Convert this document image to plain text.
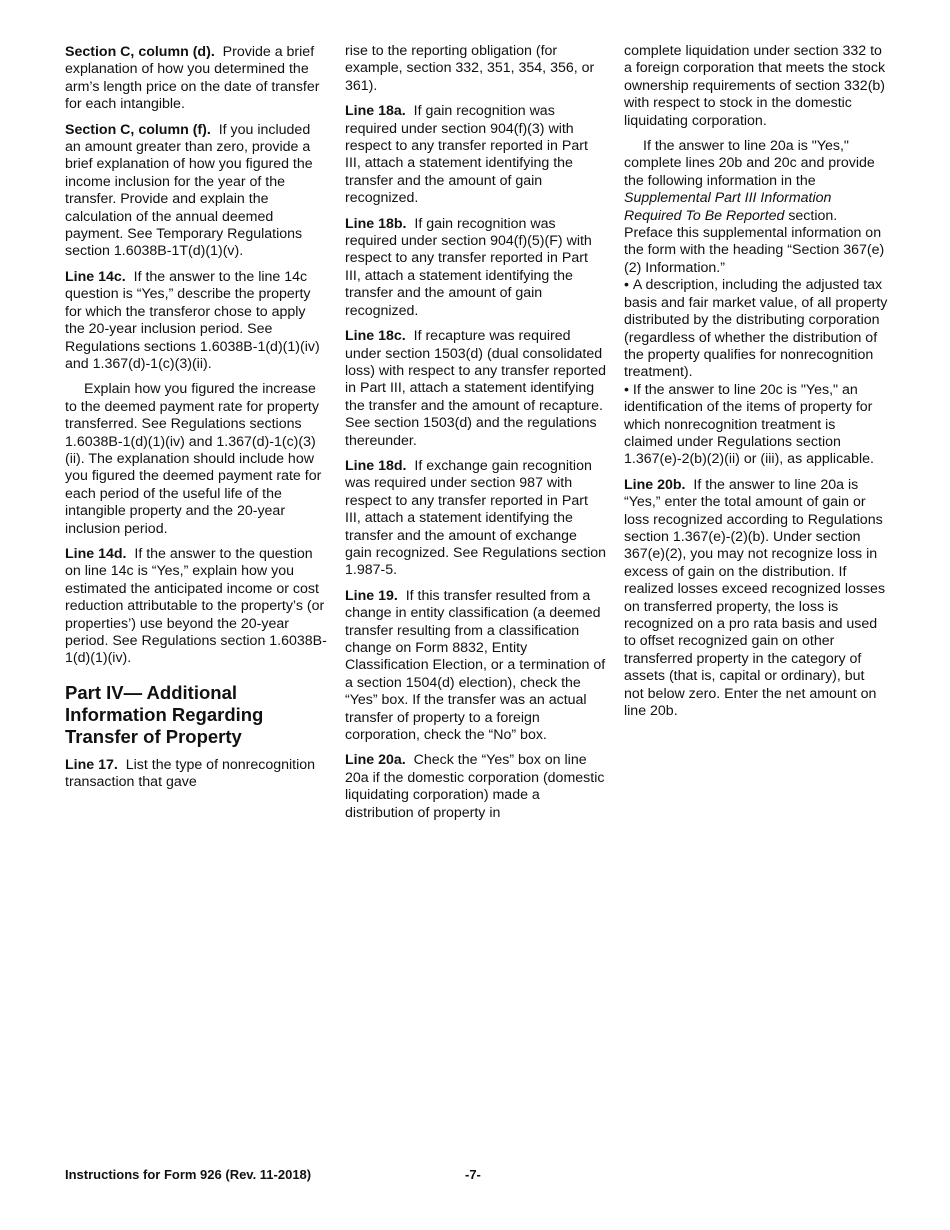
Section C, column (d). Provide a brief explanation of how you determined the arm’s length price on the date of transfer for each intangible.

Section C, column (f). If you included an amount greater than zero, provide a brief explanation of how you figured the income inclusion for the year of the transfer. Provide and explain the calculation of the annual deemed payment. See Temporary Regulations section 1.6038B-1T(d)(1)(v).

Line 14c. If the answer to the line 14c question is “Yes,” describe the property for which the transferor chose to apply the 20-year inclusion period. See Regulations sections 1.6038B-1(d)(1)(iv) and 1.367(d)-1(c)(3)(ii).

Explain how you figured the increase to the deemed payment rate for property transferred. See Regulations sections 1.6038B-1(d)(1)(iv) and 1.367(d)-1(c)(3)(ii). The explanation should include how you figured the deemed payment rate for each period of the useful life of the intangible property and the 20-year inclusion period.

Line 14d. If the answer to the question on line 14c is “Yes,” explain how you estimated the anticipated income or cost reduction attributable to the property’s (or properties’) use beyond the 20-year period. See Regulations section 1.6038B-1(d)(1)(iv).

Part IV— Additional Information Regarding Transfer of Property

Line 17. List the type of nonrecognition transaction that gave

rise to the reporting obligation (for example, section 332, 351, 354, 356, or 361).

Line 18a. If gain recognition was required under section 904(f)(3) with respect to any transfer reported in Part III, attach a statement identifying the transfer and the amount of gain recognized.

Line 18b. If gain recognition was required under section 904(f)(5)(F) with respect to any transfer reported in Part III, attach a statement identifying the transfer and the amount of gain recognized.

Line 18c. If recapture was required under section 1503(d) (dual consolidated loss) with respect to any transfer reported in Part III, attach a statement identifying the transfer and the amount of recapture. See section 1503(d) and the regulations thereunder.

Line 18d. If exchange gain recognition was required under section 987 with respect to any transfer reported in Part III, attach a statement identifying the transfer and the amount of exchange gain recognized. See Regulations section 1.987-5.

Line 19. If this transfer resulted from a change in entity classification (a deemed transfer resulting from a classification change on Form 8832, Entity Classification Election, or a termination of a section 1504(d) election), check the “Yes” box. If the transfer was an actual transfer of property to a foreign corporation, check the “No” box.

Line 20a. Check the “Yes” box on line 20a if the domestic corporation (domestic liquidating corporation) made a distribution of property in

complete liquidation under section 332 to a foreign corporation that meets the stock ownership requirements of section 332(b) with respect to stock in the domestic liquidating corporation.

If the answer to line 20a is "Yes," complete lines 20b and 20c and provide the following information in the Supplemental Part III Information Required To Be Reported section. Preface this supplemental information on the form with the heading “Section 367(e)(2) Information.”

• A description, including the adjusted tax basis and fair market value, of all property distributed by the distributing corporation (regardless of whether the distribution of the property qualifies for nonrecognition treatment).

• If the answer to line 20c is "Yes," an identification of the items of property for which nonrecognition treatment is claimed under Regulations section 1.367(e)-2(b)(2)(ii) or (iii), as applicable.

Line 20b. If the answer to line 20a is “Yes,” enter the total amount of gain or loss recognized according to Regulations section 1.367(e)-(2)(b). Under section 367(e)(2), you may not recognize loss in excess of gain on the distribution. If realized losses exceed recognized losses on transferred property, the loss is recognized on a pro rata basis and used to offset recognized gain on other transferred property in the category of assets (that is, capital or ordinary), but not below zero. Enter the net amount on line 20b.

Instructions for Form 926 (Rev. 11-2018)	-7-
